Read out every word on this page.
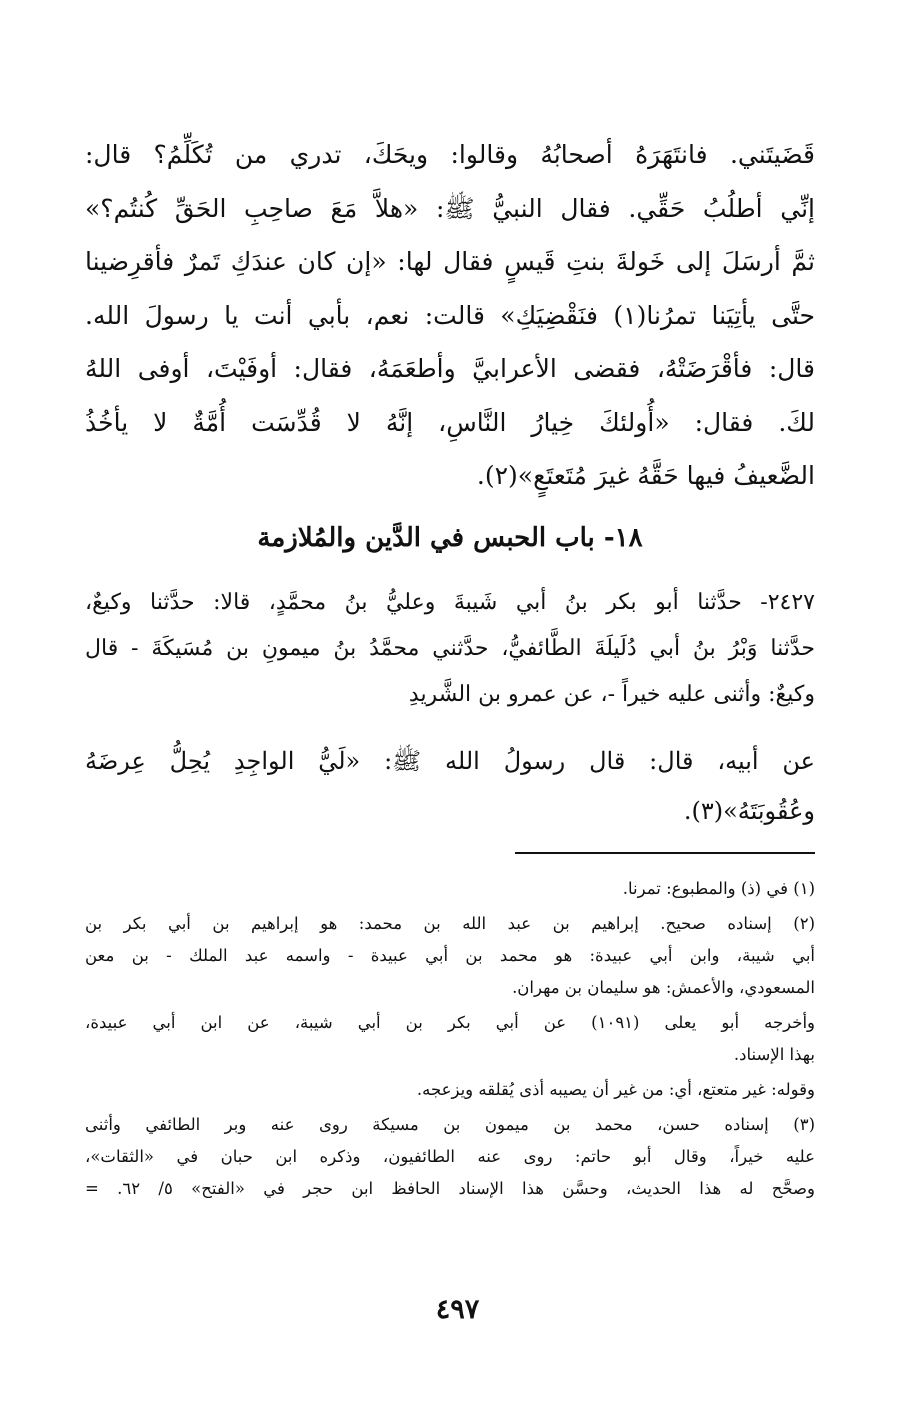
قَضَيتَني. فانتَهَرَهُ أصحابُهُ وقالوا: ويحَكَ، تدري من تُكَلِّمُ؟ قال:
إنِّي أطلُبُ حَقِّي. فقال النبيُّ ﷺ: «هلاَّ مَعَ صاحِبِ الحَقِّ كُنتُم؟»
ثمَّ أرسَلَ إلى خَولةَ بنتِ قَيسٍ فقال لها: «إن كان عندَكِ تَمرٌ فأقرِضينا
حتَّى يأتِيَنا تمرُنا(١) فنَقْضِيَكِ» قالت: نعم، بأبي أنت يا رسولَ الله.
قال: فأقْرَضَتْهُ، فقضى الأعرابيَّ وأطعَمَهُ، فقال: أوفَيْتَ، أوفى اللهُ
لكَ. فقال: «أُولئكَ خِيارُ النَّاسِ، إنَّهُ لا قُدِّسَت أُمَّةٌ لا يأخُذُ
الضَّعيفُ فيها حَقَّهُ غيرَ مُتَعتَعٍ»(٢).
١٨- باب الحبس في الدَّين والمُلازمة
٢٤٢٧- حدَّثنا أبو بكر بنُ أبي شَيبةَ وعليُّ بنُ محمَّدٍ، قالا: حدَّثنا وكيعٌ،
حدَّثنا وَبْرُ بنُ أبي دُلَيلَةَ الطَّائفيُّ، حدَّثني محمَّدُ بنُ ميمونِ بن مُسَيكَةَ - قال
وكيعٌ: وأثنى عليه خيراً -، عن عمرو بن الشَّريدِ
عن أبيه، قال: قال رسولُ الله ﷺ: «لَيُّ الواجِدِ يُحِلُّ عِرضَهُ
وعُقُوبَتَهُ»(٣).
(١) في (ذ) والمطبوع: تمرنا.
(٢) إسناده صحيح. إبراهيم بن عبد الله بن محمد: هو إبراهيم بن أبي بكر بن
أبي شيبة، وابن أبي عبيدة: هو محمد بن أبي عبيدة - واسمه عبد الملك - بن معن
المسعودي، والأعمش: هو سليمان بن مهران.
وأخرجه أبو يعلى (١٠٩١) عن أبي بكر بن أبي شيبة، عن ابن أبي عبيدة،
بهذا الإسناد.
وقوله: غير متعتع، أي: من غير أن يصيبه أذى يُقلقه ويزعجه.
(٣) إسناده حسن، محمد بن ميمون بن مسيكة روى عنه وبر الطائفي وأثنى
عليه خيراً، وقال أبو حاتم: روى عنه الطائفيون، وذكره ابن حبان في «الثقات»،
وصحَّح له هذا الحديث، وحسَّن هذا الإسناد الحافظ ابن حجر في «الفتح» ٥/ ٦٢. =
٤٩٧
